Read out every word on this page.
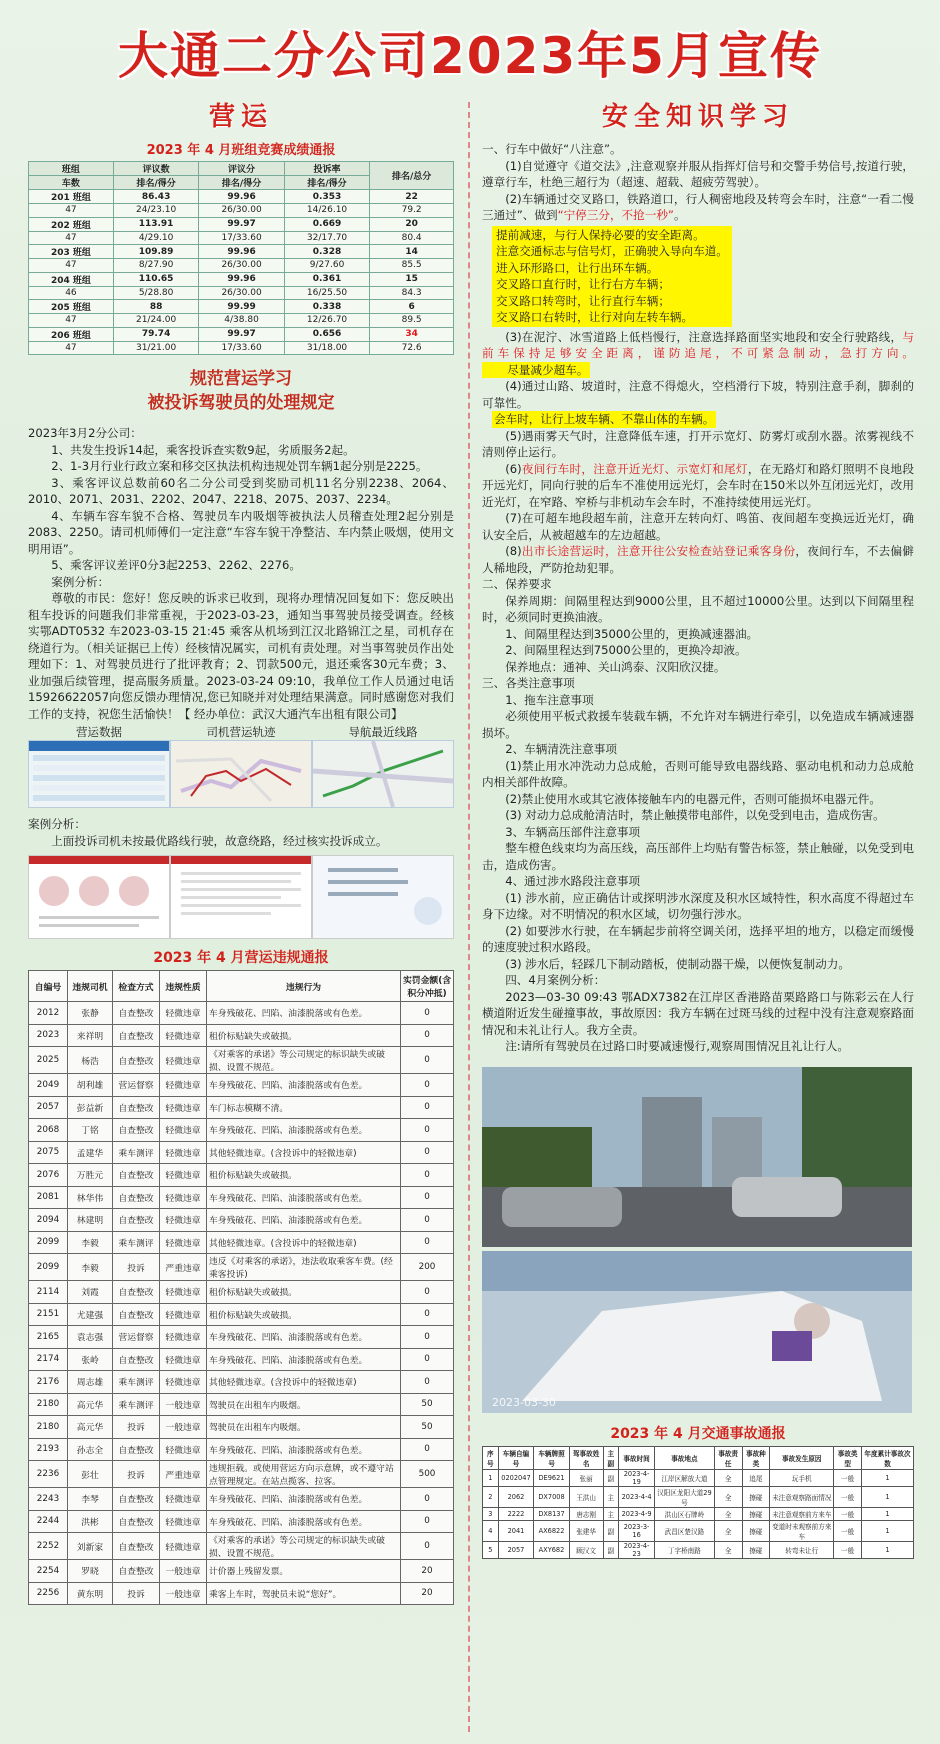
大通二分公司2023年5月宣传
营运
2023 年 4 月班组竞赛成绩通报
班组	评议数	评议分	投诉率	排名/总分
车数	排名/得分	排名/得分	排名/得分	
201 班组	86.43	99.96	0.353	22
47	24/23.10	26/30.00	14/26.10	79.2
202 班组	113.91	99.97	0.669	20
47	4/29.10	17/33.60	32/17.70	80.4
203 班组	109.89	99.96	0.328	14
47	8/27.90	26/30.00	9/27.60	85.5
204 班组	110.65	99.96	0.361	15
46	5/28.80	26/30.00	16/25.50	84.3
205 班组	88	99.99	0.338	6
47	21/24.00	4/38.80	12/26.70	89.5
206 班组	79.74	99.97	0.656	34
47	31/21.00	17/33.60	31/18.00	72.6
规范营运学习
被投诉驾驶员的处理规定

2023年3月2分公司：

1、共发生投诉14起，乘客投诉查实数9起，劣质服务2起。

2、1-3月行业行政立案和移交区执法机构违规处罚车辆1起分别是2225。

3、乘客评议总数前60名二分公司受到奖励司机11名分别2238、2064、2010、2071、2031、2202、2047、2218、2075、2037、2234。

4、车辆车容车貌不合格、驾驶员车内吸烟等被执法人员稽查处理2起分别是2083、2250。请司机师傅们一定注意“车容车貌干净整洁、车内禁止吸烟，使用文明用语”。

5、乘客评议差评0分3起2253、2262、2276。

案例分析：

尊敬的市民：您好！您反映的诉求已收到，现将办理情况回复如下：您反映出租车投诉的问题我们非常重视，于2023-03-23，通知当事驾驶员接受调查。经核实鄂ADT0532 车2023-03-15 21:45 乘客从机场到江汉北路锦江之星，司机存在绕道行为。（相关证据已上传）经核情况属实，司机有责处理。对当事驾驶员作出处理如下：1、对驾驶员进行了批评教育；2、罚款500元，退还乘客30元车费；3、业加强后续管理，提高服务质量。2023-03-24 09:10，我单位工作人员通过电话15926622057向您反馈办理情况,您已知晓并对处理结果满意。同时感谢您对我们工作的支持，祝您生活愉快！【 经办单位：武汉大通汽车出租有限公司】

营运数据	司机营运轨迹	导航最近线路

案例分析：

上面投诉司机未按最优路线行驶，故意绕路，经过核实投诉成立。

2023 年 4 月营运违规通报
自编号	违规司机	检查方式	违规性质	违规行为	实罚金额(含积分冲抵)
2012	张静	自查整改	轻微违章	车身残破花、凹陷、油漆脱落或有色差。	0
2023	来祥明	自查整改	轻微违章	租价标贴缺失或破损。	0
2025	杨浩	自查整改	轻微违章	《对乘客的承诺》等公司规定的标识缺失或破损、设置不规范。	0
2049	胡利雄	营运督察	轻微违章	车身残破花、凹陷、油漆脱落或有色差。	0
2057	彭益新	自查整改	轻微违章	车门标志模糊不清。	0
2068	丁铭	自查整改	轻微违章	车身残破花、凹陷、油漆脱落或有色差。	0
2075	孟建华	乘车测评	轻微违章	其他轻微违章。(含投诉中的轻微违章)	0
2076	万胜元	自查整改	轻微违章	租价标贴缺失或破损。	0
2081	林华伟	自查整改	轻微违章	车身残破花、凹陷、油漆脱落或有色差。	0
2094	林建明	自查整改	轻微违章	车身残破花、凹陷、油漆脱落或有色差。	0
2099	李毅	乘车测评	轻微违章	其他轻微违章。(含投诉中的轻微违章)	0
2099	李毅	投诉	严重违章	违反《对乘客的承诺》，违法收取乘客车费。(经乘客投诉)	200
2114	刘霞	自查整改	轻微违章	租价标贴缺失或破损。	0
2151	尤建强	自查整改	轻微违章	租价标贴缺失或破损。	0
2165	袁志强	营运督察	轻微违章	车身残破花、凹陷、油漆脱落或有色差。	0
2174	张岭	自查整改	轻微违章	车身残破花、凹陷、油漆脱落或有色差。	0
2176	周志雄	乘车测评	轻微违章	其他轻微违章。(含投诉中的轻微违章)	0
2180	高元华	乘车测评	一般违章	驾驶员在出租车内吸烟。	50
2180	高元华	投诉	一般违章	驾驶员在出租车内吸烟。	50
2193	孙志全	自查整改	轻微违章	车身残破花、凹陷、油漆脱落或有色差。	0
2236	彭壮	投诉	严重违章	违规拒载。或使用营运方向示意牌，或不遵守站点管理规定。在站点揽客、拉客。	500
2243	李琴	自查整改	轻微违章	车身残破花、凹陷、油漆脱落或有色差。	0
2244	洪彬	自查整改	轻微违章	车身残破花、凹陷、油漆脱落或有色差。	0
2252	刘新家	自查整改	轻微违章	《对乘客的承诺》等公司规定的标识缺失或破损、设置不规范。	0
2254	罗晓	自查整改	一般违章	计价器上残留发票。	20
2256	黄东明	投诉	一般违章	乘客上车时，驾驶员未说“您好”。	20
安全知识学习

一、行车中做好“八注意”。

(1)自觉遵守《道交法》,注意观察并服从指挥灯信号和交警手势信号,按道行驶，遵章行车，杜绝三超行为（超速、超载、超疲劳驾驶）。

(2)车辆通过交叉路口，铁路道口，行人稠密地段及转弯会车时，注意“一看二慢三通过”、做到“宁停三分，不抢一秒”。

提前减速，与行人保持必要的安全距离。

注意交通标志与信号灯，正确驶入导向车道。

进入环形路口，让行出环车辆。

交叉路口直行时，让行右方车辆；

交叉路口转弯时，让行直行车辆；

交叉路口右转时，让行对向左转车辆。

(3)在泥泞、冰雪道路上低档慢行，注意选择路面坚实地段和安全行驶路线，与前车保持足够安全距离，谨防追尾，不可紧急制动，急打方向。尽量减少超车。

(4)通过山路、坡道时，注意不得熄火，空档滑行下坡，特别注意手刹，脚刹的可靠性。

会车时，让行上坡车辆、不靠山体的车辆。

(5)遇雨雾天气时，注意降低车速，打开示宽灯、防雾灯或刮水器。浓雾视线不清则停止运行。

(6)夜间行车时，注意开近光灯、示宽灯和尾灯，在无路灯和路灯照明不良地段开远光灯，同向行驶的后车不准使用远光灯，会车时在150米以外互闭远光灯，改用近光灯，在窄路、窄桥与非机动车会车时，不准持续使用远光灯。

(7)在可超车地段超车前，注意开左转向灯、鸣笛、夜间超车变换远近光灯，确认安全后，从被超越车的左边超越。

(8)出市长途营运时，注意开往公安检查站登记乘客身份，夜间行车，不去偏僻人稀地段，严防抢劫犯罪。

二、保养要求

保养周期：间隔里程达到9000公里，且不超过10000公里。达到以下间隔里程时，必须同时更换油液。

1、间隔里程达到35000公里的，更换减速器油。

2、间隔里程达到75000公里的，更换冷却液。

保养地点：通神、关山鸿泰、汉阳欣汉捷。

三、各类注意事项

1、拖车注意事项

必须使用平板式救援车装载车辆，不允许对车辆进行牵引，以免造成车辆减速器损坏。

2、车辆清洗注意事项

(1)禁止用水冲洗动力总成舱，否则可能导致电器线路、驱动电机和动力总成舱内相关部件故障。

(2)禁止使用水或其它液体接触车内的电器元件，否则可能损坏电器元件。

(3) 对动力总成舱清洁时，禁止触摸带电部件，以免受到电击，造成伤害。

3、车辆高压部件注意事项

整车橙色线束均为高压线，高压部件上均贴有警告标签，禁止触碰，以免受到电击，造成伤害。

4、通过涉水路段注意事项

(1) 涉水前，应正确估计或探明涉水深度及积水区域特性，积水高度不得超过车身下边缘。对不明情况的积水区域，切勿强行涉水。

(2) 如要涉水行驶，在车辆起步前将空调关闭，选择平坦的地方，以稳定而缓慢的速度驶过积水路段。

(3) 涉水后，轻踩几下制动踏板，使制动器干燥，以便恢复制动力。

四、4月案例分析：

2023—03-30 09:43 鄂ADX7382在江岸区香港路苗栗路路口与陈彩云在人行横道附近发生碰撞事故，事故原因：我方车辆在过斑马线的过程中没有注意观察路面情况和未礼让行人。我方全责。

注:请所有驾驶员在过路口时要减速慢行,观察周围情况且礼让行人。

2023-03-30
2023 年 4 月交通事故通报
序号	车辆自编号	车辆牌照号	驾事故姓名	主副	事故时间	事故地点	事故责任	事故种类	事故发生原因	事故类型	年度累计事故次数
1	0202047	DE9621	张丽	副	2023-4-19	江岸区解放大道	全	追尾	玩手机	一般	1
2	2062	DX7008	王洪山	主	2023-4-4	汉阳区龙阳大道29号	全	擦碰	未注意观察路面情况	一般	1
3	2222	DX8137	唐志刚	主	2023-4-9	洪山区石牌岭	全	擦碰	未注意观察前方来车	一般	1
4	2041	AX6822	张建华	副	2023-3-16	武昌区楚汉路	全	擦碰	变道时未观察前方来车	一般	1
5	2057	AXY682	顾汉文	副	2023-4-23	丁字桥南路	全	擦碰	转弯未让行	一般	1
